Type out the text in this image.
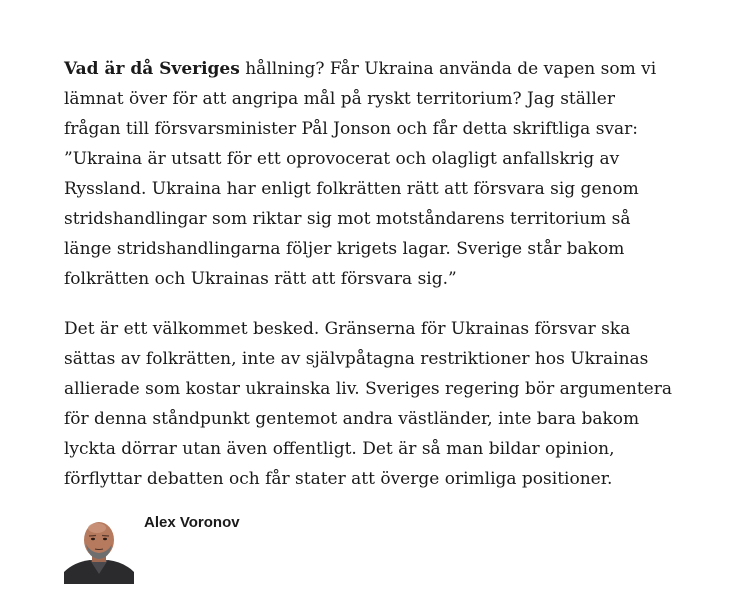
Vad är då Sveriges hållning? Får Ukraina använda de vapen som vi lämnat över för att angripa mål på ryskt territorium? Jag ställer frågan till försvarsminister Pål Jonson och får detta skriftliga svar: ”Ukraina är utsatt för ett oprovocerat och olagligt anfallskrig av Ryssland. Ukraina har enligt folkrätten rätt att försvara sig genom stridshandlingar som riktar sig mot motståndarens territorium så länge stridshandlingarna följer krigets lagar. Sverige står bakom folkrätten och Ukrainas rätt att försvara sig.”

Det är ett välkommet besked. Gränserna för Ukrainas försvar ska sättas av folkrätten, inte av självpåtagna restriktioner hos Ukrainas allierade som kostar ukrainska liv. Sveriges regering bör argumentera för denna ståndpunkt gentemot andra västländer, inte bara bakom lyckta dörrar utan även offentligt. Det är så man bildar opinion, förflyttar debatten och får stater att överge orimliga positioner.

Alex Voronov
